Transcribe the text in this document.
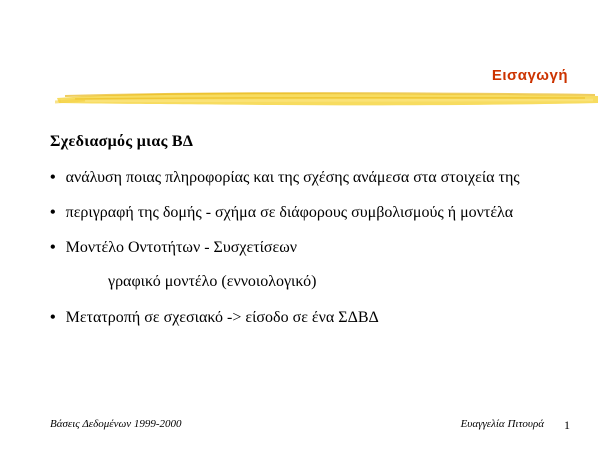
Εισαγωγή
Σχεδιασμός μιας ΒΔ
• ανάλυση ποιας πληροφορίας και της σχέσης ανάμεσα στα στοιχεία της
• περιγραφή της δομής - σχήμα σε διάφορους συμβολισμούς ή μοντέλα
• Μοντέλο Οντοτήτων - Συσχετίσεων
γραφικό μοντέλο (εννοιολογικό)
• Μετατροπή σε σχεσιακό -> είσοδο σε ένα ΣΔΒΔ
Βάσεις Δεδομένων 1999-2000	Ευαγγελία Πιτουρά 1
